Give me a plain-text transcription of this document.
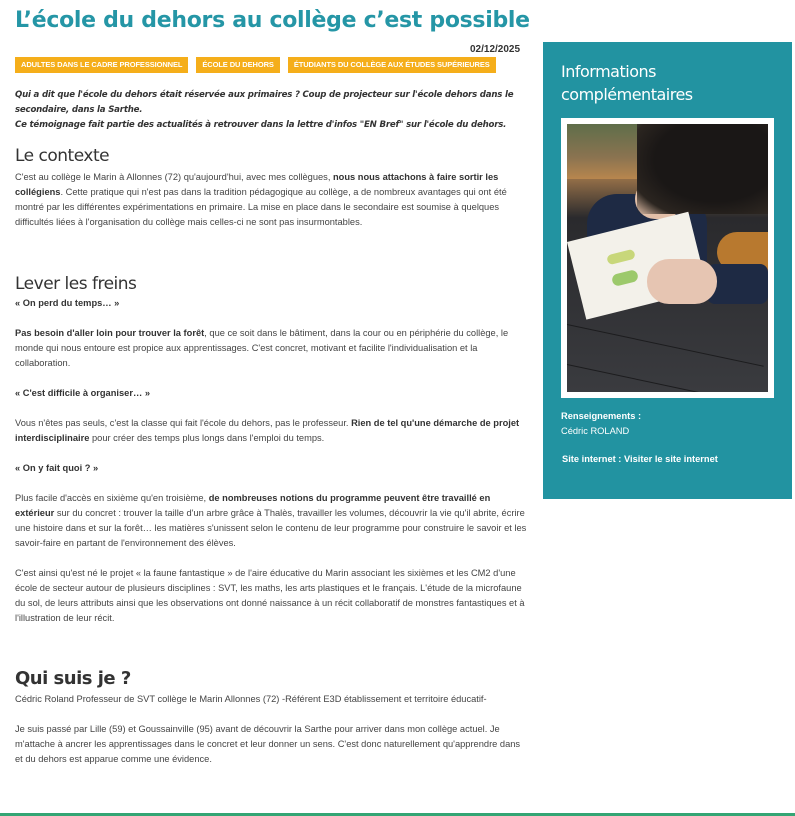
L’école du dehors au collège c’est possible
02/12/2025
ADULTES DANS LE CADRE PROFESSIONNEL	ÉCOLE DU DEHORS	ÉTUDIANTS DU COLLÈGE AUX ÉTUDES SUPÉRIEURES
Qui a dit que l'école du dehors était réservée aux primaires ? Coup de projecteur sur l'école dehors dans le secondaire, dans la Sarthe.
Ce témoignage fait partie des actualités à retrouver dans la lettre d'infos "EN Bref" sur l'école du dehors.
Le contexte

C'est au collège le Marin à Allonnes (72) qu'aujourd'hui, avec mes collègues, nous nous attachons à faire sortir les collégiens. Cette pratique qui n'est pas dans la tradition pédagogique au collège, a de nombreux avantages qui ont été montré par les différentes expérimentations en primaire. La mise en place dans le secondaire est soumise à quelques difficultés liées à l'organisation du collège mais celles-ci ne sont pas insurmontables.

Lever les freins
« On perd du temps… »

Pas besoin d'aller loin pour trouver la forêt, que ce soit dans le bâtiment, dans la cour ou en périphérie du collège, le monde qui nous entoure est propice aux apprentissages. C'est concret, motivant et facilite l'individualisation et la collaboration.

« C'est difficile à organiser… »

Vous n'êtes pas seuls, c'est la classe qui fait l'école du dehors, pas le professeur. Rien de tel qu'une démarche de projet interdisciplinaire pour créer des temps plus longs dans l'emploi du temps.

« On y fait quoi ? »

Plus facile d'accès en sixième qu'en troisième, de nombreuses notions du programme peuvent être travaillé en extérieur sur du concret : trouver la taille d'un arbre grâce à Thalès, travailler les volumes, découvrir la vie qu'il abrite, écrire une histoire dans et sur la forêt… les matières s'unissent selon le contenu de leur programme pour construire le savoir et les savoir-faire en partant de l'environnement des élèves.

C'est ainsi qu'est né le projet « la faune fantastique » de l'aire éducative du Marin associant les sixièmes et les CM2 d'une école de secteur autour de plusieurs disciplines : SVT, les maths, les arts plastiques et le français. L'étude de la microfaune du sol, de leurs attributs ainsi que les observations ont donné naissance à un récit collaboratif de monstres fantastiques et à l'illustration de leur récit.

Qui suis je ?

Cédric Roland Professeur de SVT collège le Marin Allonnes (72) -Référent E3D établissement et territoire éducatif-

Je suis passé par Lille (59) et Goussainville (95) avant de découvrir la Sarthe pour arriver dans mon collège actuel. Je m'attache à ancrer les apprentissages dans le concret et leur donner un sens. C'est donc naturellement qu'apprendre dans et du dehors est apparue comme une évidence.

Informations
complémentaires
Renseignements :
Cédric ROLAND
Site internet : Visiter le site internet
